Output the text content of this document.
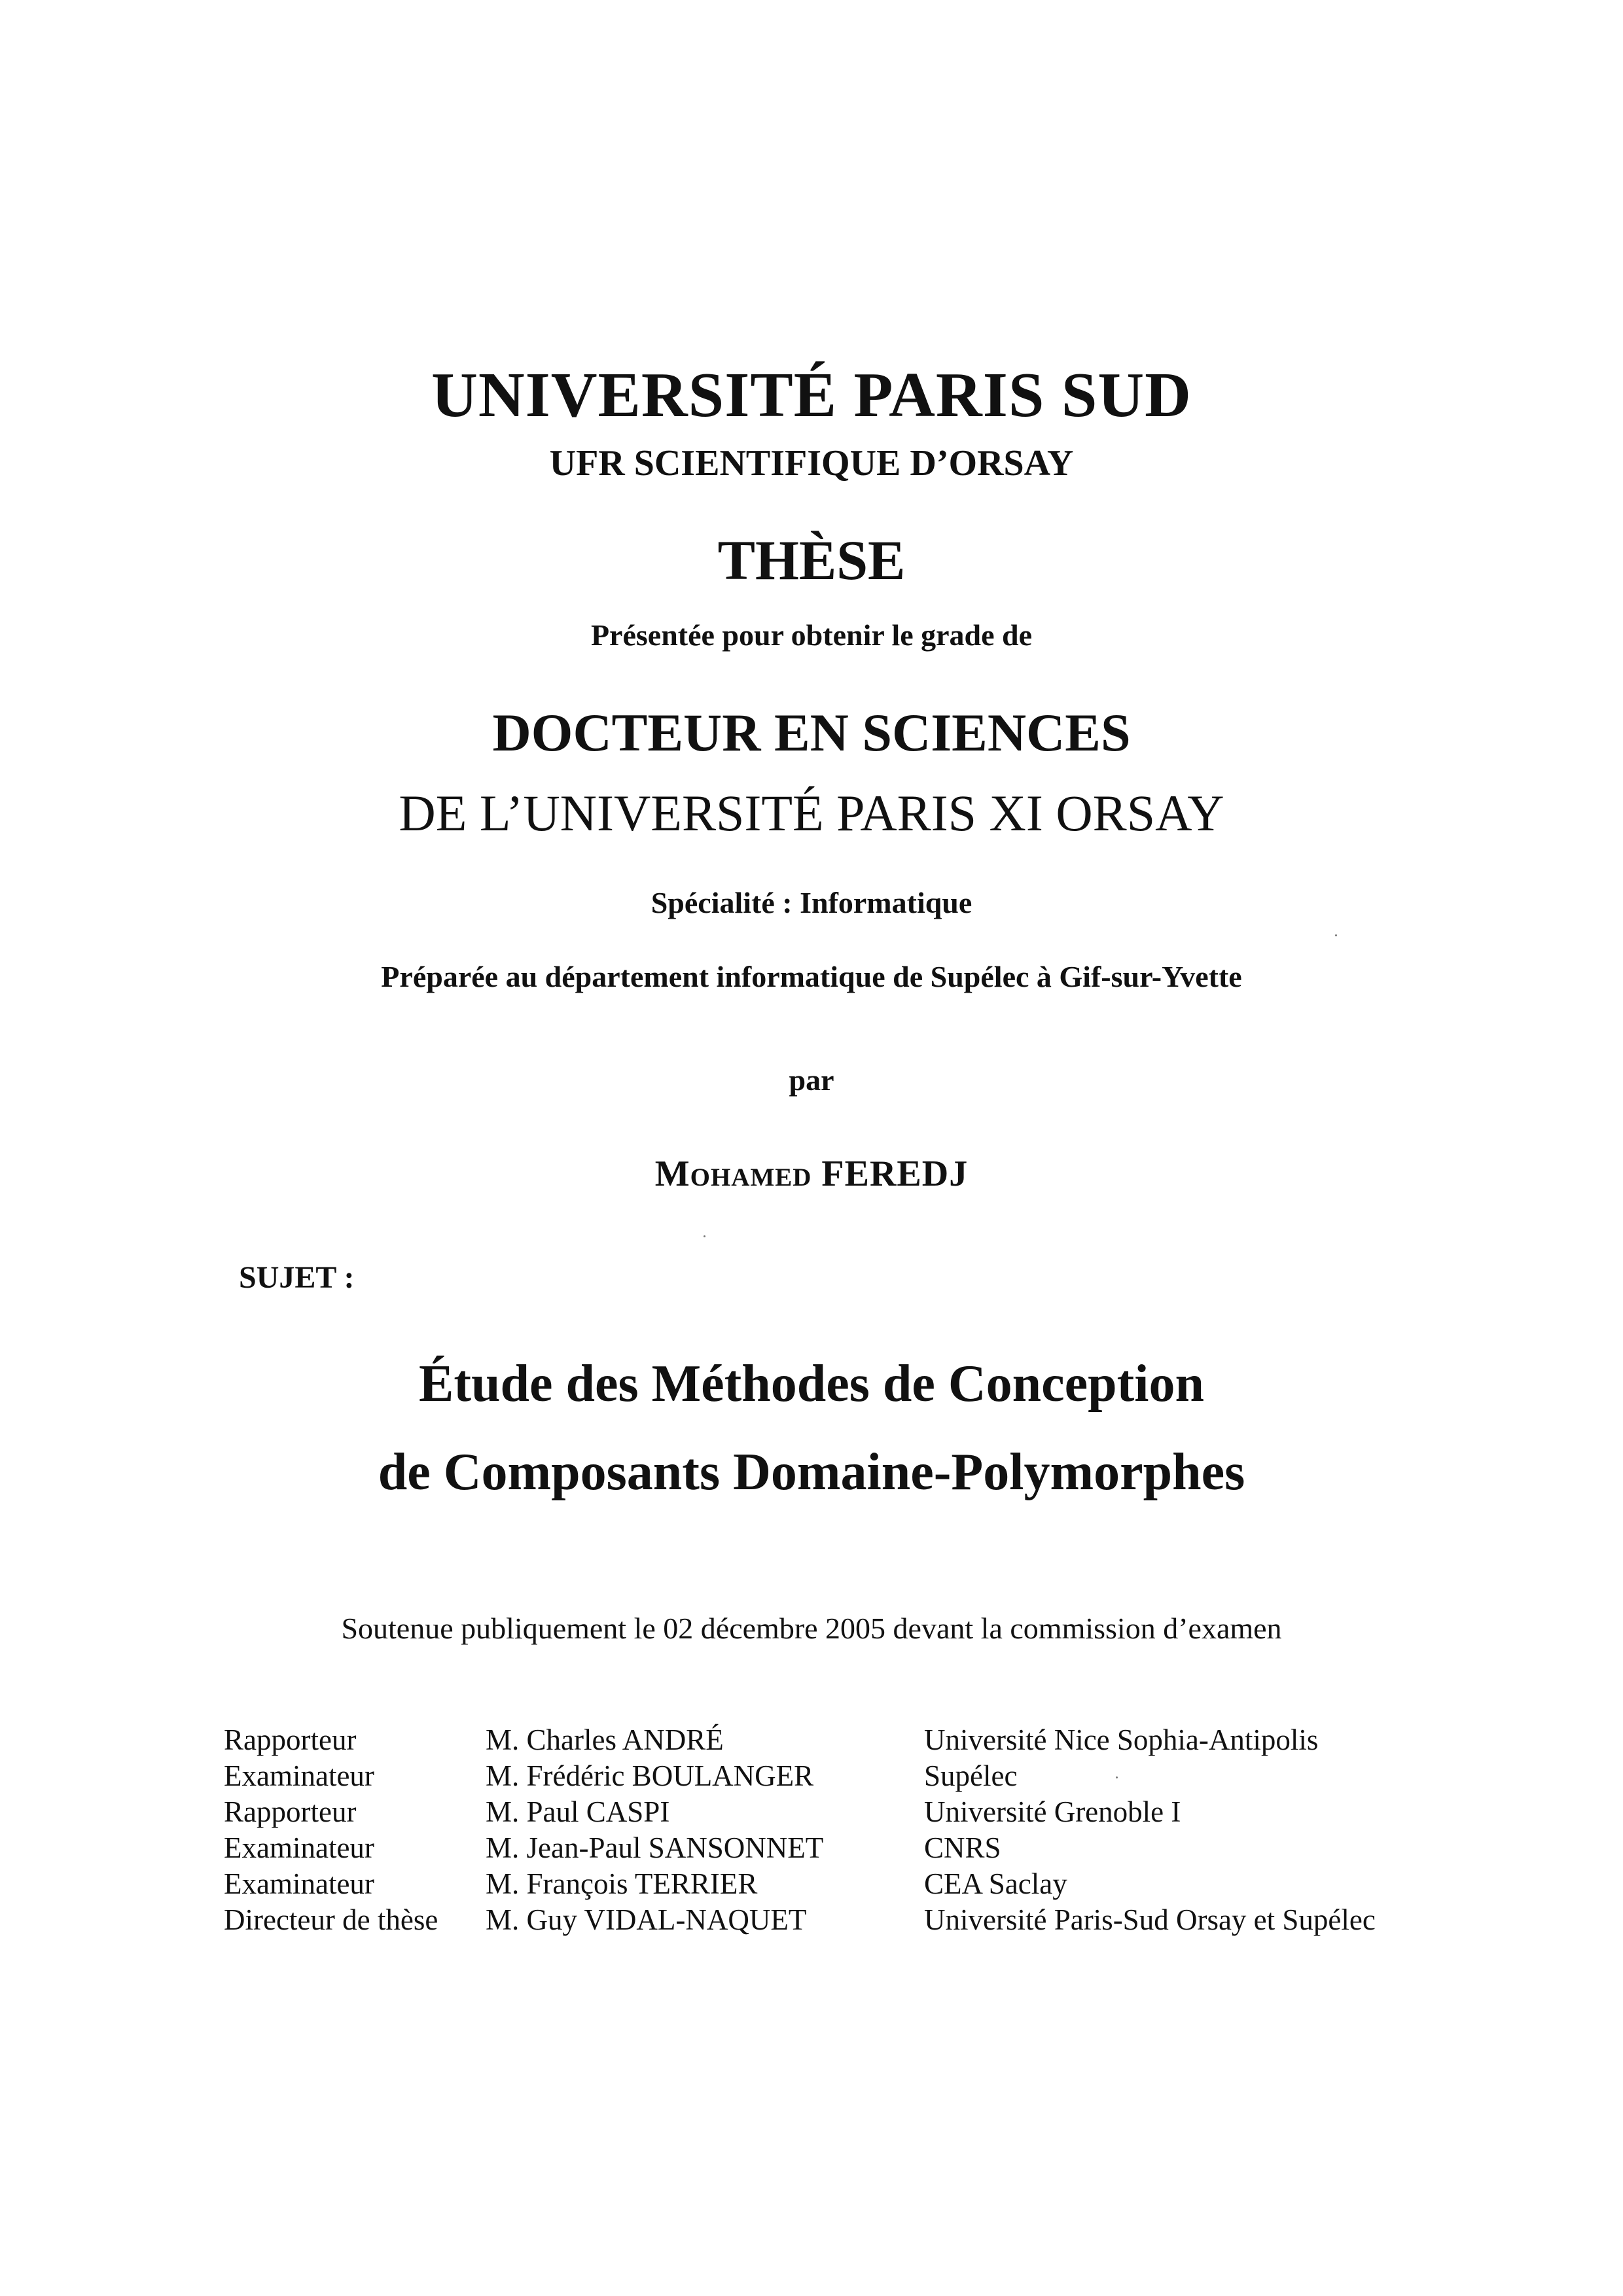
UNIVERSITÉ PARIS SUD
UFR SCIENTIFIQUE D’ORSAY
THÈSE
Présentée pour obtenir le grade de
DOCTEUR EN SCIENCES
DE L’UNIVERSITÉ PARIS XI ORSAY
Spécialité : Informatique
Préparée au département informatique de Supélec à Gif-sur-Yvette
par
Mohamed FEREDJ
SUJET :
Étude des Méthodes de Conception
de Composants Domaine-Polymorphes
Soutenue publiquement le 02 décembre 2005 devant la commission d’examen
Rapporteur	M. Charles ANDRÉ	Université Nice Sophia-Antipolis
Examinateur	M. Frédéric BOULANGER	Supélec
Rapporteur	M. Paul CASPI	Université Grenoble I
Examinateur	M. Jean-Paul SANSONNET	CNRS
Examinateur	M. François TERRIER	CEA Saclay
Directeur de thèse M. Guy VIDAL-NAQUET	Université Paris-Sud Orsay et Supélec
